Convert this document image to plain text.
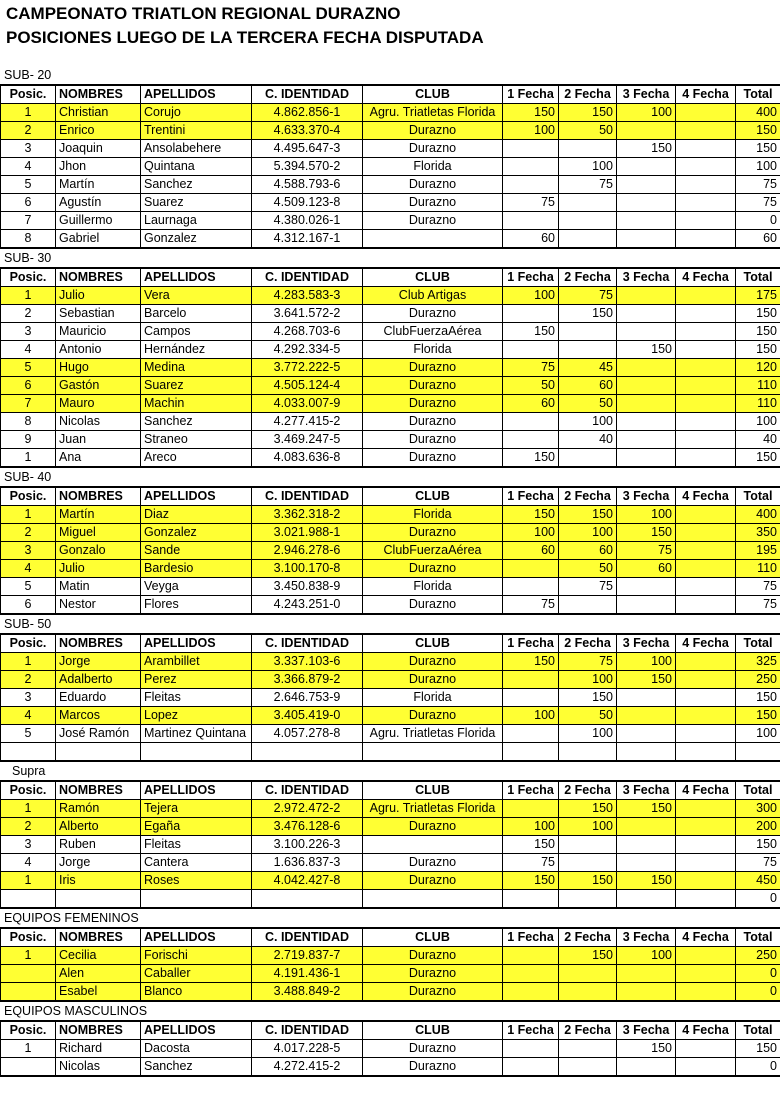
CAMPEONATO TRIATLON REGIONAL DURAZNO
POSICIONES LUEGO DE LA TERCERA FECHA DISPUTADA
SUB- 20
Posic.	NOMBRES	APELLIDOS	C. IDENTIDAD	CLUB	1 Fecha	2 Fecha	3 Fecha	4 Fecha	Total
1	Christian	Corujo	4.862.856-1	Agru. Triatletas Florida	150	150	100		400
2	Enrico	Trentini	4.633.370-4	Durazno	100	50			150
3	Joaquin	Ansolabehere	4.495.647-3	Durazno			150		150
4	Jhon	Quintana	5.394.570-2	Florida		100			100
5	Martín	Sanchez	4.588.793-6	Durazno		75			75
6	Agustín	Suarez	4.509.123-8	Durazno	75				75
7	Guillermo	Laurnaga	4.380.026-1	Durazno					0
8	Gabriel	Gonzalez	4.312.167-1		60				60
SUB- 30
Posic.	NOMBRES	APELLIDOS	C. IDENTIDAD	CLUB	1 Fecha	2 Fecha	3 Fecha	4 Fecha	Total
1	Julio	Vera	4.283.583-3	Club Artigas	100	75			175
2	Sebastian	Barcelo	3.641.572-2	Durazno		150			150
3	Mauricio	Campos	4.268.703-6	ClubFuerzaAérea	150				150
4	Antonio	Hernández	4.292.334-5	Florida			150		150
5	Hugo	Medina	3.772.222-5	Durazno	75	45			120
6	Gastón	Suarez	4.505.124-4	Durazno	50	60			110
7	Mauro	Machin	4.033.007-9	Durazno	60	50			110
8	Nicolas	Sanchez	4.277.415-2	Durazno		100			100
9	Juan	Straneo	3.469.247-5	Durazno		40			40
1	Ana	Areco	4.083.636-8	Durazno	150				150
SUB- 40
Posic.	NOMBRES	APELLIDOS	C. IDENTIDAD	CLUB	1 Fecha	2 Fecha	3 Fecha	4 Fecha	Total
1	Martín	Diaz	3.362.318-2	Florida	150	150	100		400
2	Miguel	Gonzalez	3.021.988-1	Durazno	100	100	150		350
3	Gonzalo	Sande	2.946.278-6	ClubFuerzaAérea	60	60	75		195
4	Julio	Bardesio	3.100.170-8	Durazno		50	60		110
5	Matin	Veyga	3.450.838-9	Florida		75			75
6	Nestor	Flores	4.243.251-0	Durazno	75				75
SUB- 50
Posic.	NOMBRES	APELLIDOS	C. IDENTIDAD	CLUB	1 Fecha	2 Fecha	3 Fecha	4 Fecha	Total
1	Jorge	Arambillet	3.337.103-6	Durazno	150	75	100		325
2	Adalberto	Perez	3.366.879-2	Durazno		100	150		250
3	Eduardo	Fleitas	2.646.753-9	Florida		150			150
4	Marcos	Lopez	3.405.419-0	Durazno	100	50			150
5	José Ramón	Martinez Quintana	4.057.278-8	Agru. Triatletas Florida		100			100

Supra
Posic.	NOMBRES	APELLIDOS	C. IDENTIDAD	CLUB	1 Fecha	2 Fecha	3 Fecha	4 Fecha	Total
1	Ramón	Tejera	2.972.472-2	Agru. Triatletas Florida		150	150		300
2	Alberto	Egaña	3.476.128-6	Durazno	100	100			200
3	Ruben	Fleitas	3.100.226-3		150				150
4	Jorge	Cantera	1.636.837-3	Durazno	75				75
1	Iris	Roses	4.042.427-8	Durazno	150	150	150		450
									0
EQUIPOS FEMENINOS
Posic.	NOMBRES	APELLIDOS	C. IDENTIDAD	CLUB	1 Fecha	2 Fecha	3 Fecha	4 Fecha	Total
1	Cecilia	Forischi	2.719.837-7	Durazno		150	100		250
	Alen	Caballer	4.191.436-1	Durazno					0
	Esabel	Blanco	3.488.849-2	Durazno					0
EQUIPOS MASCULINOS
Posic.	NOMBRES	APELLIDOS	C. IDENTIDAD	CLUB	1 Fecha	2 Fecha	3 Fecha	4 Fecha	Total
1	Richard	Dacosta	4.017.228-5	Durazno			150		150
	Nicolas	Sanchez	4.272.415-2	Durazno					0
